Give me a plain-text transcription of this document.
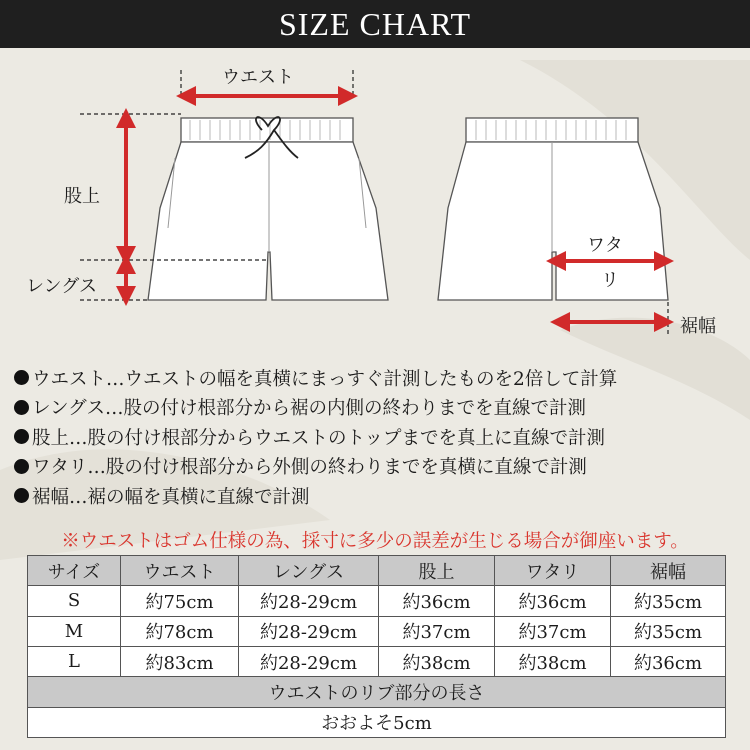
SIZE CHART
ウエスト
股上
レングス
ワタ
リ
裾幅
ウエスト…ウエストの幅を真横にまっすぐ計測したものを2倍して計算
レングス…股の付け根部分から裾の内側の終わりまでを直線で計測
股上…股の付け根部分からウエストのトップまでを真上に直線で計測
ワタリ…股の付け根部分から外側の終わりまでを真横に直線で計測
裾幅…裾の幅を真横に直線で計測
※ウエストはゴム仕様の為、採寸に多少の誤差が生じる場合が御座います。
サイズ	ウエスト	レングス	股上	ワタリ	裾幅
S	約75cm	約28-29cm	約36cm	約36cm	約35cm
M	約78cm	約28-29cm	約37cm	約37cm	約35cm
L	約83cm	約28-29cm	約38cm	約38cm	約36cm
ウエストのリブ部分の長さ					
おおよそ5cm					
